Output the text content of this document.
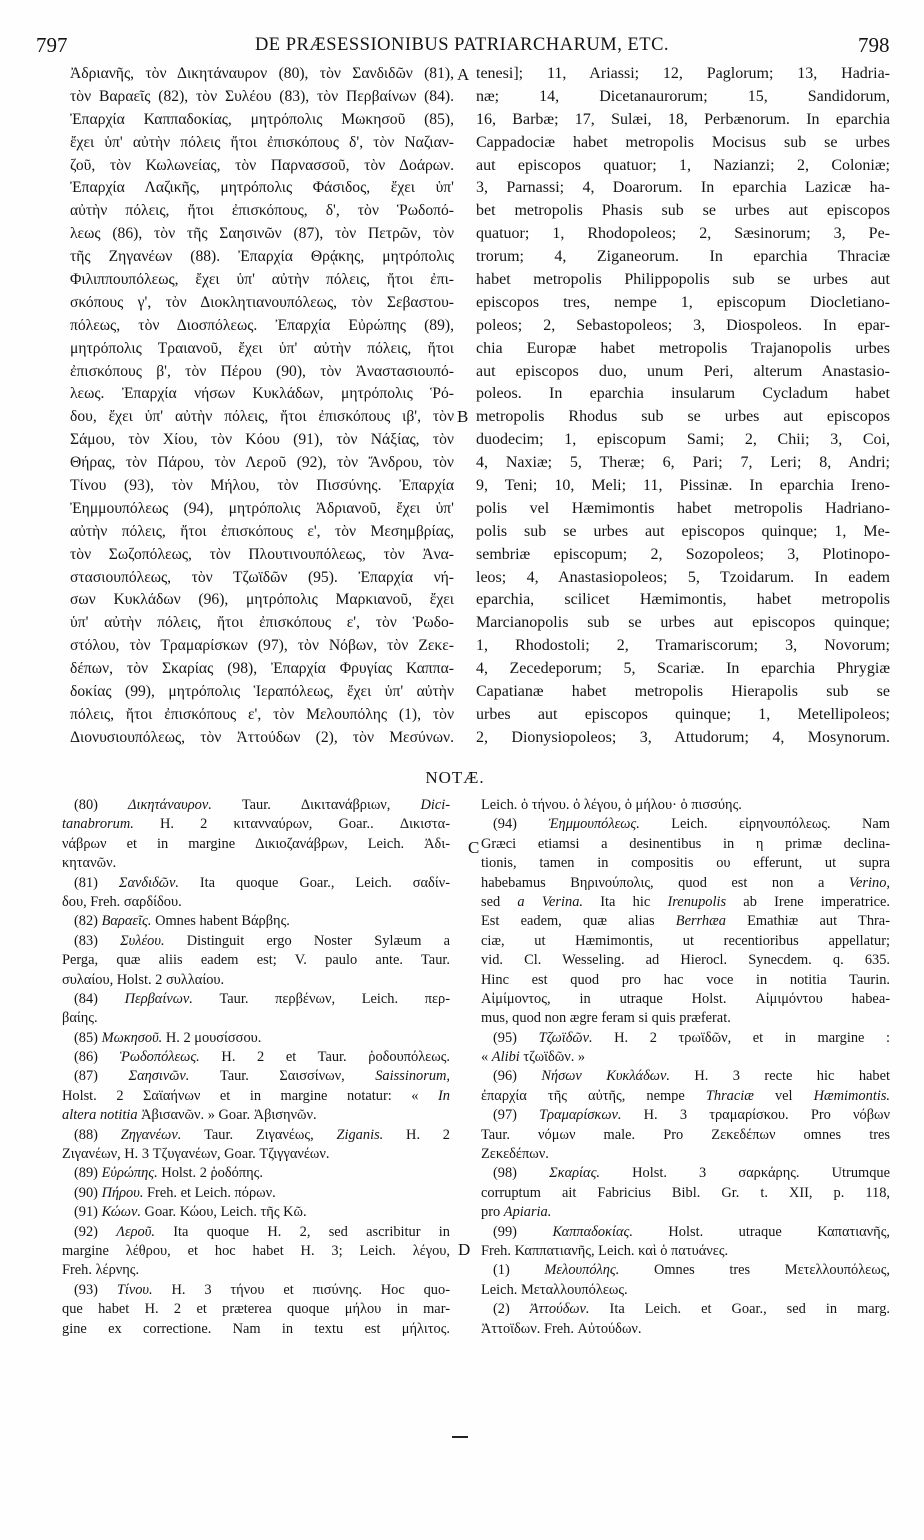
797	DE PRÆSESSIONIBUS PATRIARCHARUM, ETC.	798
Ἀδριανῆς, τὸν Δικητάναυρον (80), τὸν Σανδιδῶν (81),
τὸν Βαραεῖς (82), τὸν Συλέου (83), τὸν Περβαίνων (84).
Ἐπαρχία Καππαδοκίας, μητρόπολις Μωκησοῦ (85),
ἔχει ὑπ' αὐτὴν πόλεις ἤτοι ἐπισκόπους δ', τὸν Ναζιαν-
ζοῦ, τὸν Κωλωνείας, τὸν Παρνασσοῦ, τὸν Δοάρων.
Ἐπαρχία Λαζικῆς, μητρόπολις Φάσιδος, ἔχει ὑπ'
αὐτὴν πόλεις, ἤτοι ἐπισκόπους, δ', τὸν Ῥωδοπό-
λεως (86), τὸν τῆς Σαησινῶν (87), τὸν Πετρῶν, τὸν
τῆς Ζηγανέων (88). Ἐπαρχία Θρᾴκης, μητρόπολις
Φιλιππουπόλεως, ἔχει ὑπ' αὐτὴν πόλεις, ἤτοι ἐπι-
σκόπους γ', τὸν Διοκλητιανουπόλεως, τὸν Σεβαστου-
πόλεως, τὸν Διοσπόλεως. Ἐπαρχία Εὐρώπης (89),
μητρόπολις Τραιανοῦ, ἔχει ὑπ' αὐτὴν πόλεις, ἤτοι
ἐπισκόπους β', τὸν Πέρου (90), τὸν Ἀναστασιουπό-
λεως. Ἐπαρχία νήσων Κυκλάδων, μητρόπολις Ῥό-
δου, ἔχει ὑπ' αὐτὴν πόλεις, ἤτοι ἐπισκόπους ιβ', τὸν
Σάμου, τὸν Χίου, τὸν Κόου (91), τὸν Νάξίας, τὸν
Θήρας, τὸν Πάρου, τὸν Λεροῦ (92), τὸν Ἄνδρου, τὸν
Τίνου (93), τὸν Μήλου, τὸν Πισσύνης. Ἐπαρχία
Ἐημμουπόλεως (94), μητρόπολις Ἀδριανοῦ, ἔχει ὑπ'
αὐτὴν πόλεις, ἤτοι ἐπισκόπους ε', τὸν Μεσημβρίας,
τὸν Σωζοπόλεως, τὸν Πλουτινουπόλεως, τὸν Ἀνα-
στασιουπόλεως, τὸν Τζωϊδῶν (95). Ἐπαρχία νή-
σων Κυκλάδων (96), μητρόπολις Μαρκιανοῦ, ἔχει
ὑπ' αὐτὴν πόλεις, ἤτοι ἐπισκόπους ε', τὸν Ῥωδο-
στόλου, τὸν Τραμαρίσκων (97), τὸν Νόβων, τὸν Ζεκε-
δέπων, τὸν Σκαρίας (98), Ἐπαρχία Φρυγίας Καππα-
δοκίας (99), μητρόπολις Ἱεραπόλεως, ἔχει ὑπ' αὐτὴν
πόλεις, ἤτοι ἐπισκόπους ε', τὸν Μελουπόλης (1), τὸν
Διονυσιουπόλεως, τὸν Ἀττούδων (2), τὸν Μεσύνων.
tenesi]; 11, Ariassi; 12, Paglorum; 13, Hadria-
næ; 14, Dicetanaurorum; 15, Sandidorum,
16, Barbæ; 17, Sulæi, 18, Perbænorum. In eparchia
Cappadociæ habet metropolis Mocisus sub se urbes
aut episcopos quatuor; 1, Nazianzi; 2, Coloniæ;
3, Parnassi; 4, Doarorum. In eparchia Lazicæ ha-
bet metropolis Phasis sub se urbes aut episcopos
quatuor; 1, Rhodopoleos; 2, Sæsinorum; 3, Pe-
trorum; 4, Ziganeorum. In eparchia Thraciæ
habet metropolis Philippopolis sub se urbes aut
episcopos tres, nempe 1, episcopum Diocletiano-
poleos; 2, Sebastopoleos; 3, Diospoleos. In epar-
chia Europæ habet metropolis Trajanopolis urbes
aut episcopos duo, unum Peri, alterum Anastasio-
poleos. In eparchia insularum Cycladum habet
metropolis Rhodus sub se urbes aut episcopos
duodecim; 1, episcopum Sami; 2, Chii; 3, Coi,
4, Naxiæ; 5, Theræ; 6, Pari; 7, Leri; 8, Andri;
9, Teni; 10, Meli; 11, Pissinæ. In eparchia Ireno-
polis vel Hæmimontis habet metropolis Hadriano-
polis sub se urbes aut episcopos quinque; 1, Me-
sembriæ episcopum; 2, Sozopoleos; 3, Plotinopo-
leos; 4, Anastasiopoleos; 5, Tzoidarum. In eadem
eparchia, scilicet Hæmimontis, habet metropolis
Marcianopolis sub se urbes aut episcopos quinque;
1, Rhodostoli; 2, Tramariscorum; 3, Novorum;
4, Zecedeporum; 5, Scariæ. In eparchia Phrygiæ
Capatianæ habet metropolis Hierapolis sub se
urbes aut episcopos quinque; 1, Metellipoleos;
2, Dionysiopoleos; 3, Attudorum; 4, Mosynorum.
A
B
NOTÆ.
(80) Δικητάναυρον. Taur. Δικιτανάβριων, Dici-
tanabrorum. H. 2 κιτανναύρων, Goar.. Δικιστα-
νάβρων et in margine Δικιοζανάβρων, Leich. Ἀδι-
κητανῶν.
(81) Σανδιδῶν. Ita quoque Goar., Leich. σαδίν-
δου, Freh. σαρδίδου.
(82) Βαραεῖς. Omnes habent Βάρβης.
(83) Συλέου. Distinguit ergo Noster Sylæum a
Perga, quæ aliis eadem est; V. paulo ante. Taur.
συλαίου, Holst. 2 συλλαίου.
(84) Περβαίνων. Taur. περβένων, Leich. περ-
βαίης.
(85) Μωκησοῦ. H. 2 μουσίσσου.
(86) Ῥωδοπόλεως. H. 2 et Taur. ῥοδουπόλεως.
(87) Σαησινῶν. Taur. Σαισσίνων, Saissinorum,
Holst. 2 Σαϊαήνων et in margine notatur: « In
altera notitia Ἀβισανῶν. » Goar. Ἀβισηνῶν.
(88) Ζηγανέων. Taur. Ζιγανέως, Ziganis. H. 2
Ζιγανέων, H. 3 Τζυγανέων, Goar. Τζιγγανέων.
(89) Εὐρώπης. Holst. 2 ῥοδόπης.
(90) Πήρου. Freh. et Leich. πόρων.
(91) Κώων. Goar. Κώου, Leich. τῆς Κῶ.
(92) Λεροῦ. Ita quoque H. 2, sed ascribitur in
margine λέθρου, et hoc habet H. 3; Leich. λέγου,
Freh. λέρνης.
(93) Τίνου. H. 3 τήνου et πισύνης. Hoc quo-
que habet H. 2 et præterea quoque μήλου in mar-
gine ex correctione. Nam in textu est μήλιτος.
Leich. ὁ τήνου. ὁ λέγου, ὁ μήλου· ὁ πισσύης.
(94) Ἐημμουπόλεως. Leich. εἰρηνουπόλεως. Nam
Græci etiamsi a desinentibus in η primæ declina-
tionis, tamen in compositis ου efferunt, ut supra
habebamus Βηρινούπολις, quod est non a Verino,
sed a Verina. Ita hic Irenupolis ab Irene imperatrice.
Est eadem, quæ alias Berrhæa Emathiæ aut Thra-
ciæ, ut Hæmimontis, ut recentioribus appellatur;
vid. Cl. Wesseling. ad Hierocl. Synecdem. q. 635.
Hinc est quod pro hac voce in notitia Taurin.
Αἰμίμοντος, in utraque Holst. Αἰμιμόντου habea-
mus, quod non ægre feram si quis præferat.
(95) Τζωϊδῶν. H. 2 τρωϊδῶν, et in margine :
« Alibi τζωϊδῶν. »
(96) Νήσων Κυκλάδων. H. 3 recte hic habet
ἐπαρχία τῆς αὐτῆς, nempe Thraciæ vel Hæmimontis.
(97) Τραμαρίσκων. H. 3 τραμαρίσκου. Pro νόβων
Taur. νόμων male. Pro Ζεκεδέπων omnes tres
Ζεκεδέπων.
(98) Σκαρίας. Holst. 3 σαρκάρης. Utrumque
corruptum ait Fabricius Bibl. Gr. t. XII, p. 118,
pro Apiaria.
(99) Καππαδοκίας. Holst. utraque Καπατιανῆς,
Freh. Καππατιανῆς, Leich. καὶ ὁ πατυάνες.
(1) Μελουπόλης. Omnes tres Μετελλουπόλεως,
Leich. Μεταλλουπόλεως.
(2) Ἀττούδων. Ita Leich. et Goar., sed in marg.
Ἀττοϊδων. Freh. Αὐτούδων.
C
D
